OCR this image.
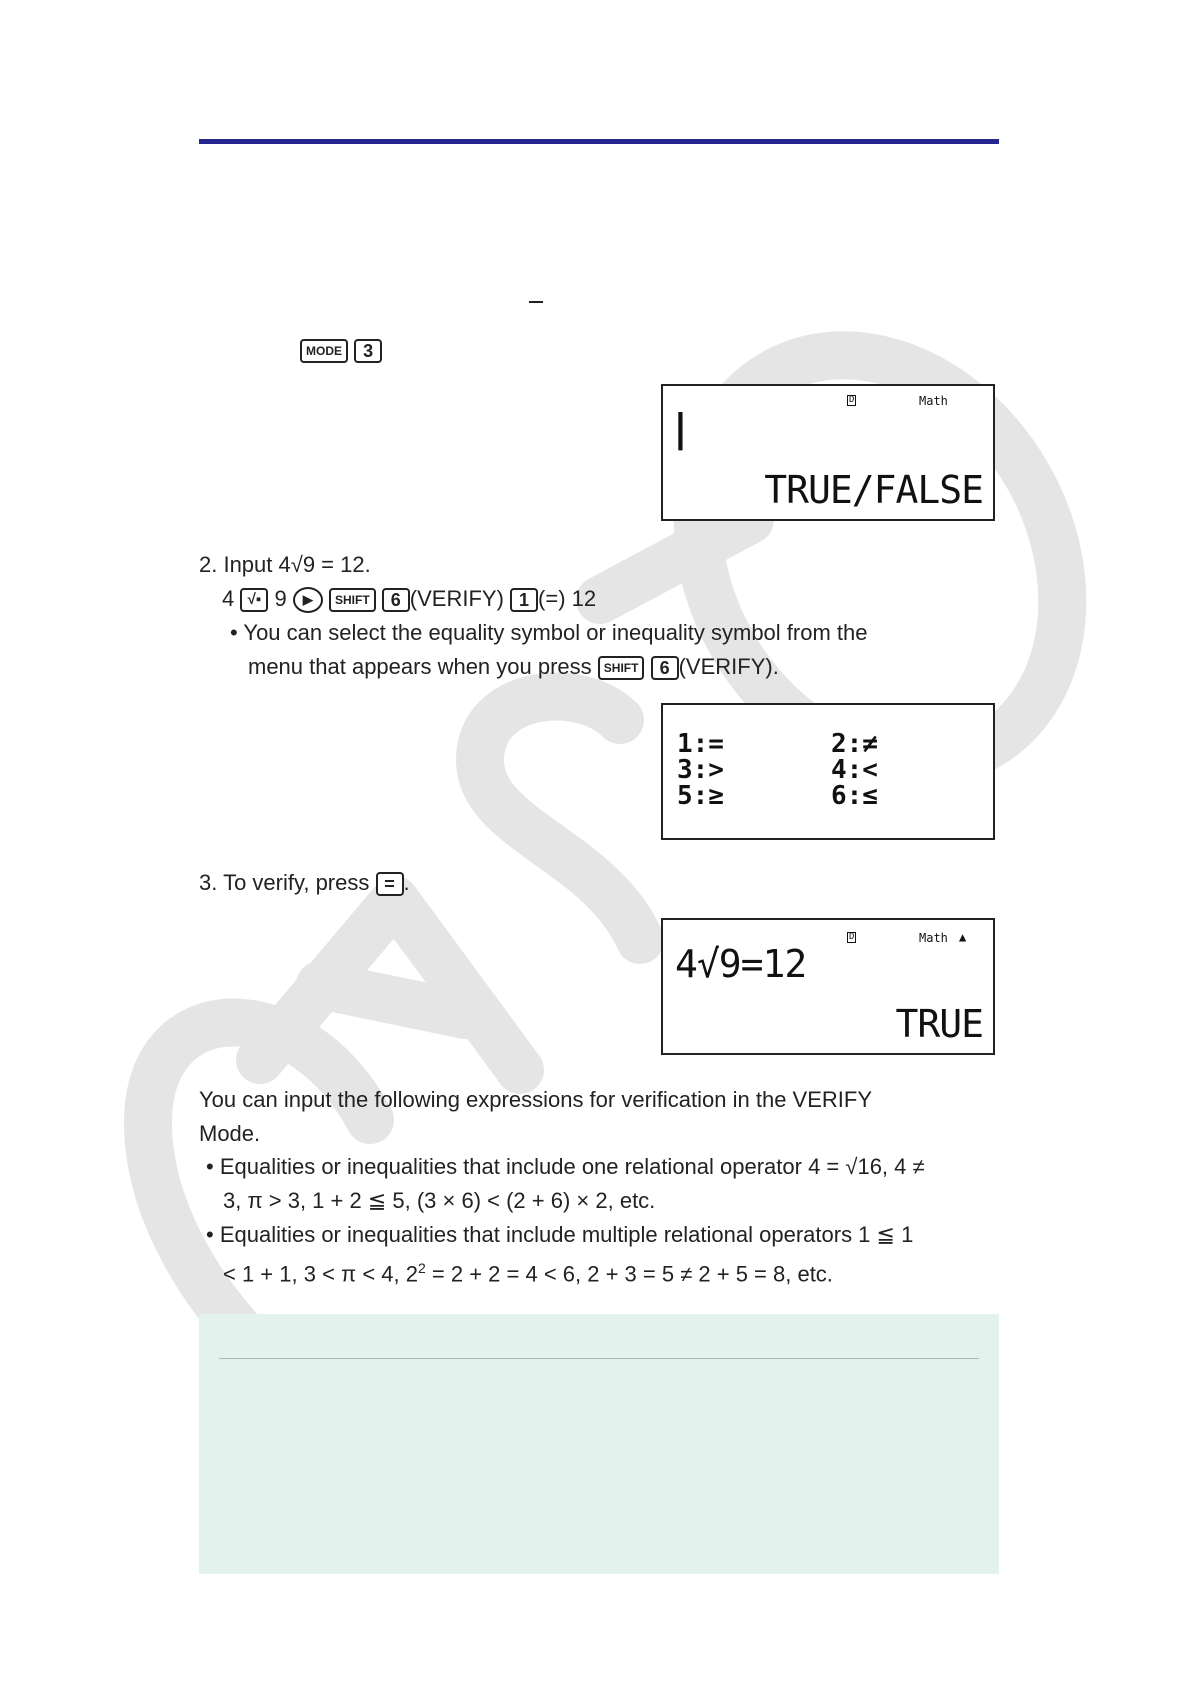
MODE 3
D	Math
|
TRUE/FALSE
2. Input 4√9 = 12.
4 √▪ 9 ▶ SHIFT 6 (VERIFY) 1 (=) 12
• You can select the equality symbol or inequality symbol from the
menu that appears when you press SHIFT 6 (VERIFY).
1:=	2:≠
3:>	4:<
5:≥	6:≤
3. To verify, press = .
D	Math ▲
4√9=12
TRUE
You can input the following expressions for verification in the VERIFY
Mode.
• Equalities or inequalities that include one relational operator 4 = √16, 4 ≠
3, π > 3, 1 + 2 ≦ 5, (3 × 6) < (2 + 6) × 2, etc.
• Equalities or inequalities that include multiple relational operators 1 ≦ 1
< 1 + 1, 3 < π < 4, $2^2 = 2 + 2 = 4 < 6$, 2 + 3 = 5 ≠ 2 + 5 = 8, etc.
